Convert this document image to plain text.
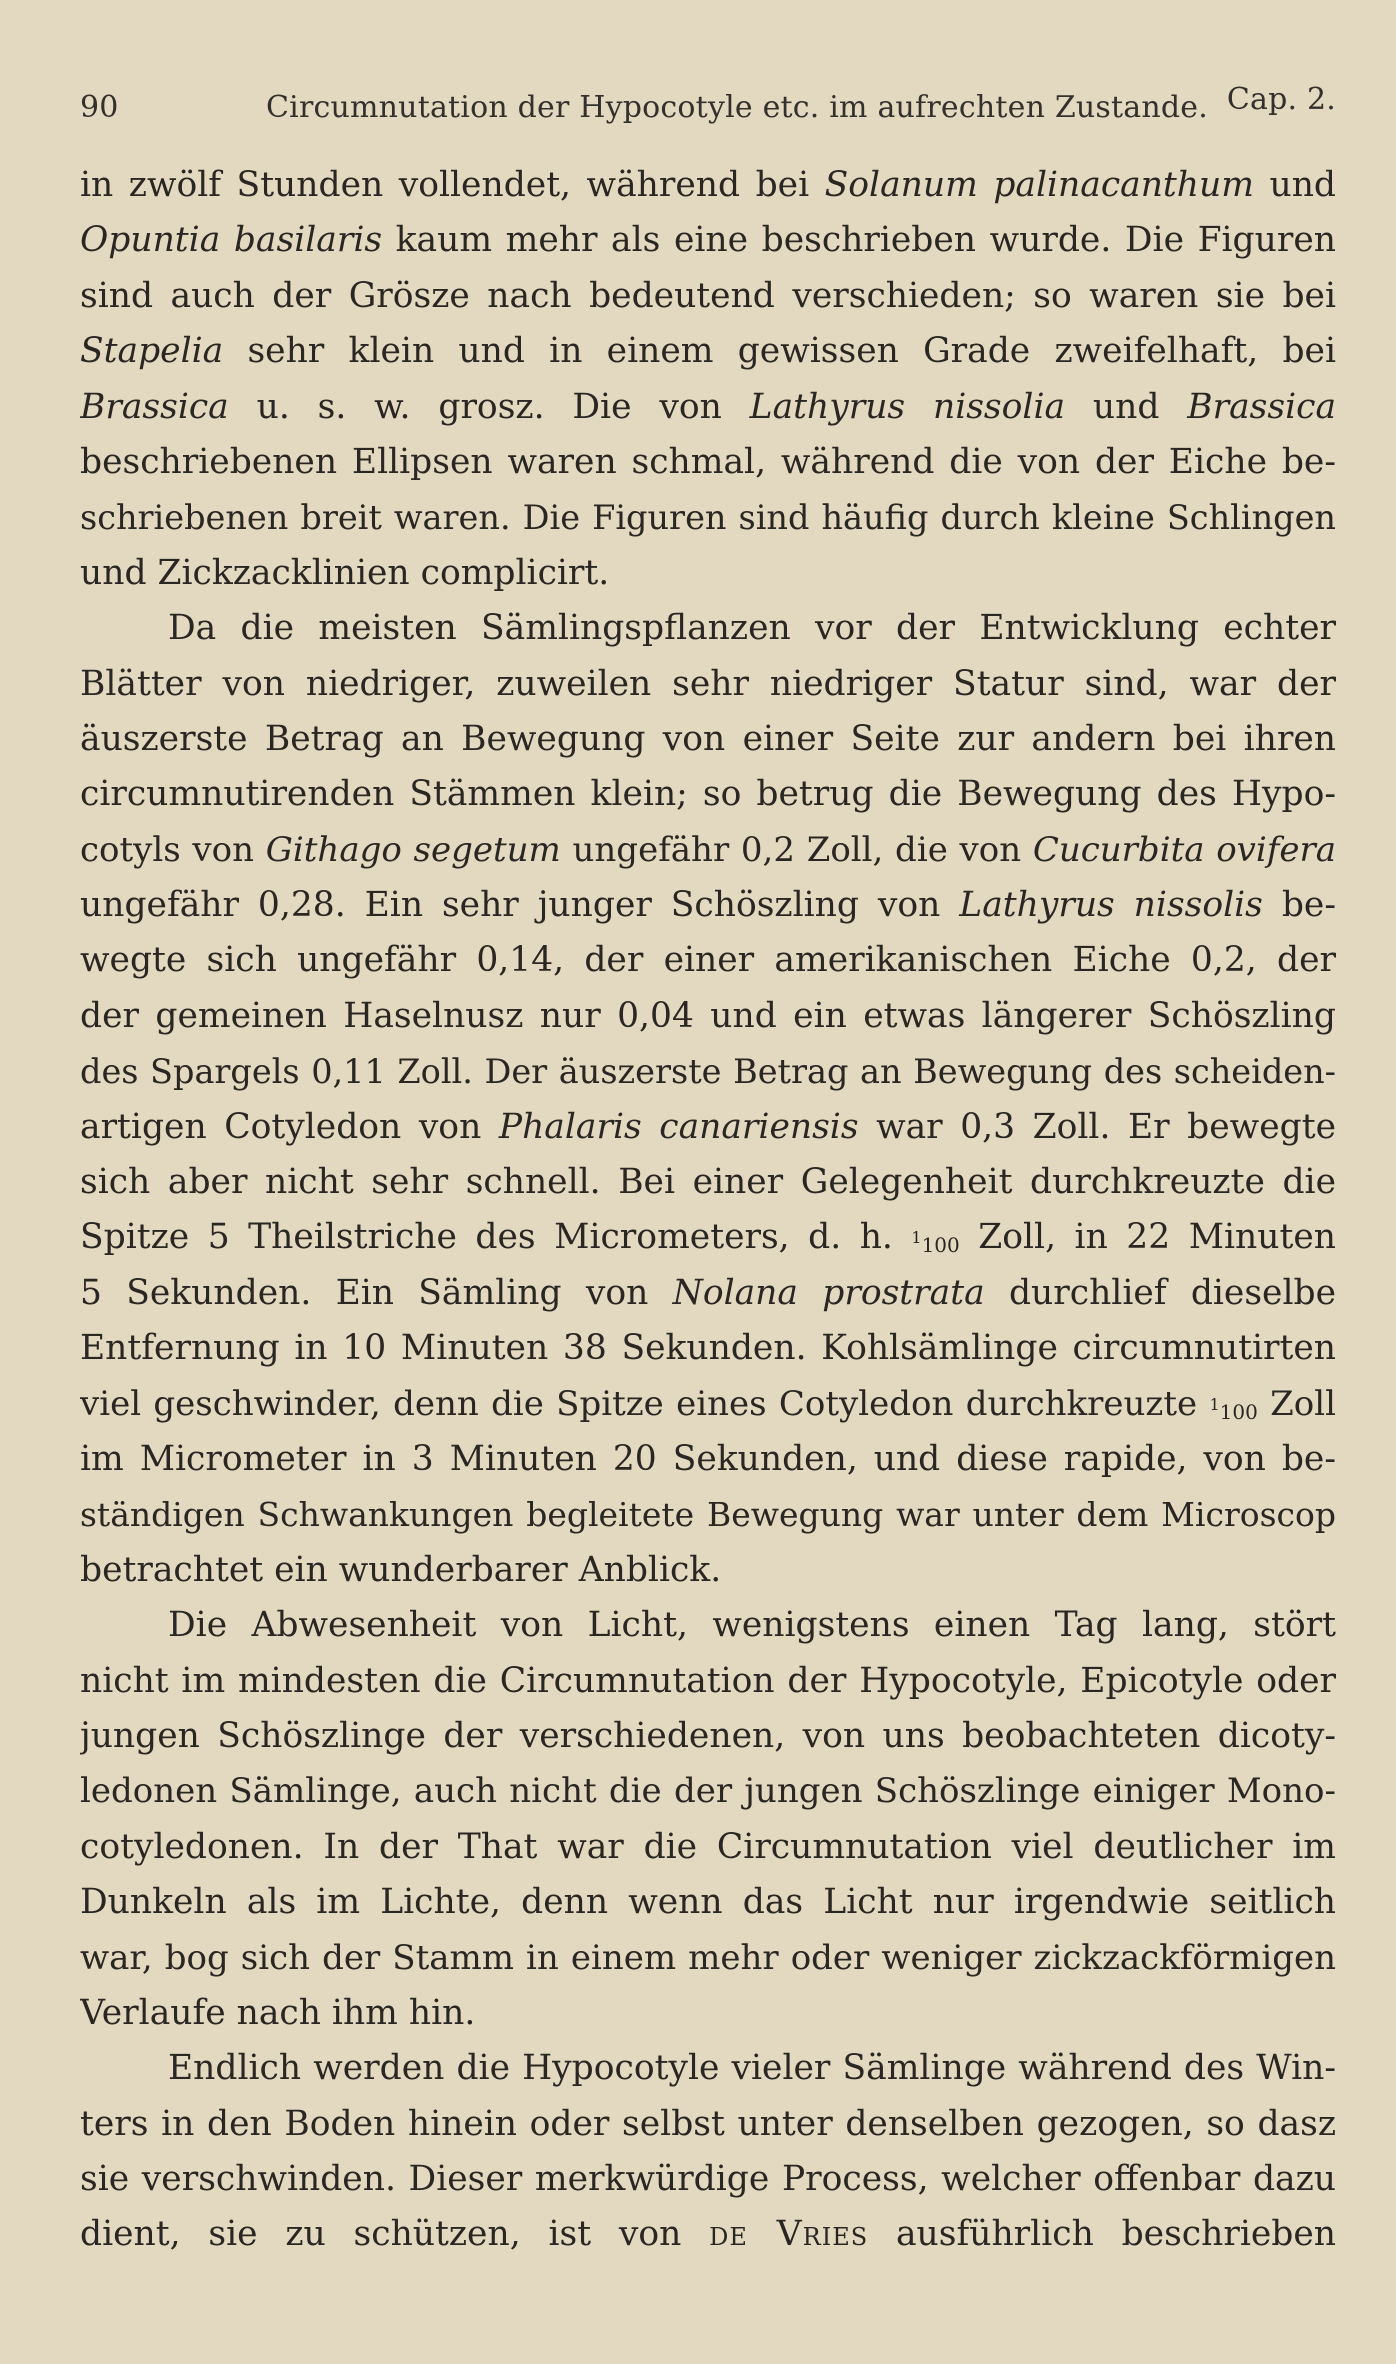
90	Circumnutation der Hypocotyle etc. im aufrechten Zustande. Cap. 2.
in zwölf Stunden vollendet, während bei Solanum palinacanthum und
Opuntia basilaris kaum mehr als eine beschrieben wurde. Die Figuren
sind auch der Grösze nach bedeutend verschieden; so waren sie bei
Stapelia sehr klein und in einem gewissen Grade zweifelhaft, bei
Brassica u. s. w. grosz. Die von Lathyrus nissolia und Brassica
beschriebenen Ellipsen waren schmal, während die von der Eiche be-
schriebenen breit waren. Die Figuren sind häufig durch kleine Schlingen
und Zickzacklinien complicirt.
Da die meisten Sämlingspflanzen vor der Entwicklung echter
Blätter von niedriger, zuweilen sehr niedriger Statur sind, war der
äuszerste Betrag an Bewegung von einer Seite zur andern bei ihren
circumnutirenden Stämmen klein; so betrug die Bewegung des Hypo-
cotyls von Githago segetum ungefähr 0,2 Zoll, die von Cucurbita ovifera
ungefähr 0,28. Ein sehr junger Schöszling von Lathyrus nissolis be-
wegte sich ungefähr 0,14, der einer amerikanischen Eiche 0,2, der
der gemeinen Haselnusz nur 0,04 und ein etwas längerer Schöszling
des Spargels 0,11 Zoll. Der äuszerste Betrag an Bewegung des scheiden-
artigen Cotyledon von Phalaris canariensis war 0,3 Zoll. Er bewegte
sich aber nicht sehr schnell. Bei einer Gelegenheit durchkreuzte die
Spitze 5 Theilstriche des Micrometers, d. h. $^1$100 Zoll, in 22 Minuten
5 Sekunden. Ein Sämling von Nolana prostrata durchlief dieselbe
Entfernung in 10 Minuten 38 Sekunden. Kohlsämlinge circumnutirten
viel geschwinder, denn die Spitze eines Cotyledon durchkreuzte $^1$100 Zoll
im Micrometer in 3 Minuten 20 Sekunden, und diese rapide, von be-
ständigen Schwankungen begleitete Bewegung war unter dem Microscop
betrachtet ein wunderbarer Anblick.
Die Abwesenheit von Licht, wenigstens einen Tag lang, stört
nicht im mindesten die Circumnutation der Hypocotyle, Epicotyle oder
jungen Schöszlinge der verschiedenen, von uns beobachteten dicoty-
ledonen Sämlinge, auch nicht die der jungen Schöszlinge einiger Mono-
cotyledonen. In der That war die Circumnutation viel deutlicher im
Dunkeln als im Lichte, denn wenn das Licht nur irgendwie seitlich
war, bog sich der Stamm in einem mehr oder weniger zickzackförmigen
Verlaufe nach ihm hin.
Endlich werden die Hypocotyle vieler Sämlinge während des Win-
ters in den Boden hinein oder selbst unter denselben gezogen, so dasz
sie verschwinden. Dieser merkwürdige Process, welcher offenbar dazu
dient, sie zu schützen, ist von de Vries ausführlich beschrieben
